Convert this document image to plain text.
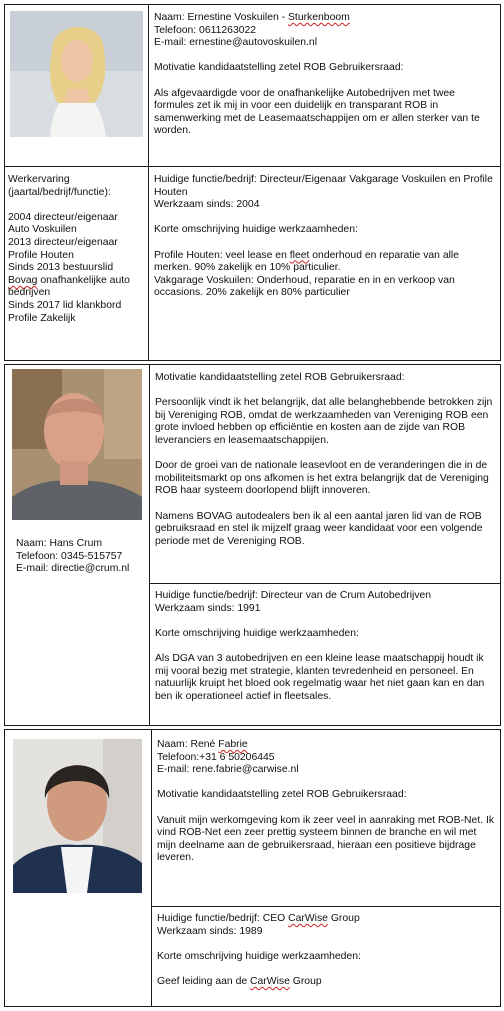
Naam: Ernestine Voskuilen - Sturkenboom

Telefoon: 0611263022

E-mail: ernestine@autovoskuilen.nl

Motivatie kandidaatstelling zetel ROB Gebruikersraad:

Als afgevaardigde voor de onafhankelijke Autobedrijven met twee formules zet ik mij in voor een duidelijk en transparant ROB in samenwerking met de Leasemaatschappijen om er allen sterker van te worden.

Werkervaring (jaartal/bedrijf/functie):

2004 directeur/eigenaar

Auto Voskuilen

2013 directeur/eigenaar

Profile Houten

Sinds 2013 bestuurslid

Bovag onafhankelijke auto

bedrijven

Sinds 2017 lid klankbord

Profile Zakelijk

Huidige functie/bedrijf: Directeur/Eigenaar Vakgarage Voskuilen en Profile Houten

Werkzaam sinds: 2004

Korte omschrijving huidige werkzaamheden:

Profile Houten: veel lease en fleet onderhoud en reparatie van alle merken. 90% zakelijk en 10% particulier.

Vakgarage Voskuilen: Onderhoud, reparatie en in en verkoop van occasions. 20% zakelijk en 80% particulier

Naam: Hans Crum

Telefoon: 0345-515757

E-mail: directie@crum.nl

Motivatie kandidaatstelling zetel ROB Gebruikersraad:

Persoonlijk vindt ik het belangrijk, dat alle belanghebbende betrokken zijn bij Vereniging ROB, omdat de werkzaamheden van Vereniging ROB een grote invloed hebben op efficiëntie en kosten aan de zijde van ROB leveranciers en leasemaatschappijen.

Door de groei van de nationale leasevloot en de veranderingen die in de mobiliteitsmarkt op ons afkomen is het extra belangrijk dat de Vereniging ROB haar systeem doorlopend blijft innoveren.

Namens BOVAG autodealers ben ik al een aantal jaren lid van de ROB gebruiksraad en stel ik mijzelf graag weer kandidaat voor een volgende periode met de Vereniging ROB.

Huidige functie/bedrijf: Directeur van de Crum Autobedrijven

Werkzaam sinds: 1991

Korte omschrijving huidige werkzaamheden:

Als DGA van 3 autobedrijven en een kleine lease maatschappij houdt ik mij vooral bezig met strategie, klanten tevredenheid en personeel. En natuurlijk kruipt het bloed ook regelmatig waar het niet gaan kan en dan ben ik operationeel actief in fleetsales.

Naam: René Fabrie

Telefoon:+31 6 50206445

E-mail: rene.fabrie@carwise.nl

Motivatie kandidaatstelling zetel ROB Gebruikersraad:

Vanuit mijn werkomgeving kom ik zeer veel in aanraking met ROB-Net. Ik vind ROB-Net een zeer prettig systeem binnen de branche en wil met mijn deelname aan de gebruikersraad, hieraan een positieve bijdrage leveren.

Huidige functie/bedrijf: CEO CarWise Group

Werkzaam sinds: 1989

Korte omschrijving huidige werkzaamheden:

Geef leiding aan de CarWise Group
